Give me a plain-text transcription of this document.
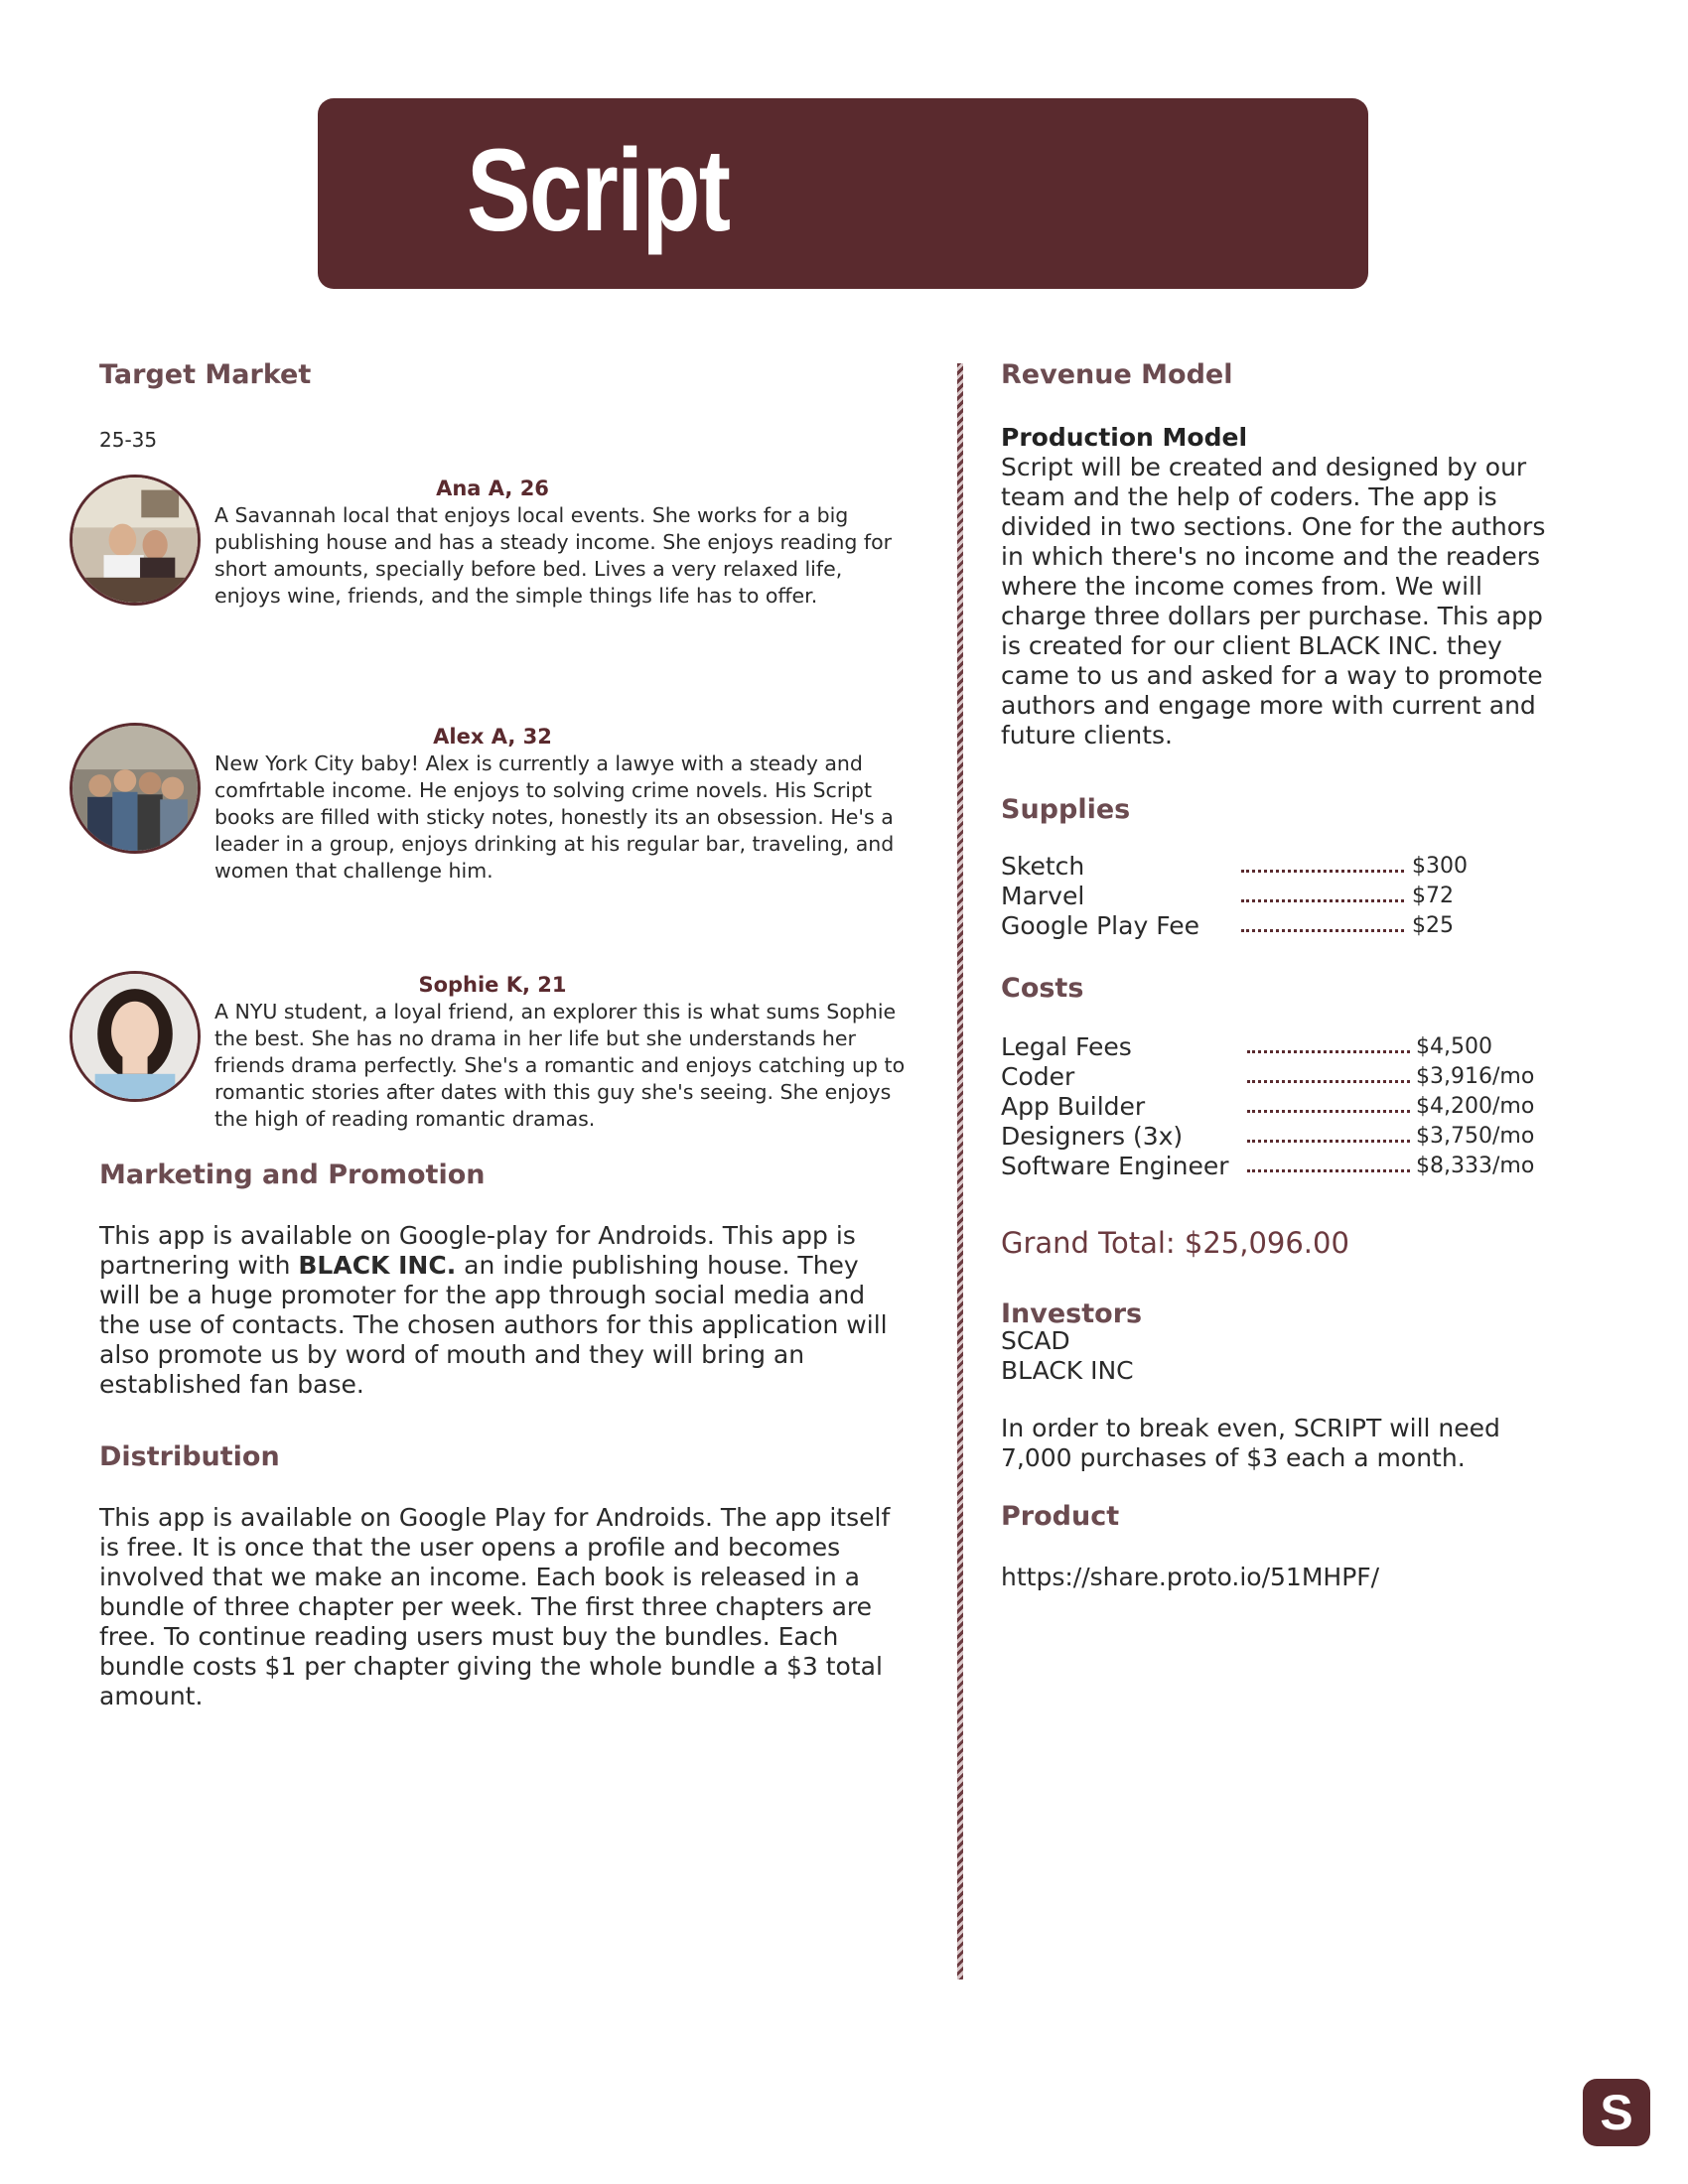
Script
Target Market

25-35

Ana A, 26
A Savannah local that enjoys local events. She works for a big publishing house and has a steady income. She enjoys reading for short amounts, specially before bed. Lives a very relaxed life, enjoys wine, friends, and the simple things life has to offer.
Alex A, 32
New York City baby! Alex is currently a lawye with a steady and comfrtable income. He enjoys to solving crime novels. His Script books are filled with sticky notes, honestly its an obsession. He's a leader in a group, enjoys drinking at his regular bar, traveling, and women that challenge him.
Sophie K, 21
A NYU student, a loyal friend, an explorer this is what sums Sophie the best. She has no drama in her life but she understands her friends drama perfectly. She's a romantic and enjoys catching up to romantic stories after dates with this guy she's seeing. She enjoys the high of reading romantic dramas.
Marketing and Promotion

This app is available on Google-play for Androids. This app is partnering with BLACK INC. an indie publishing house. They will be a huge promoter for the app through social media and the use of contacts. The chosen authors for this application will also promote us by word of mouth and they will bring an established fan base.

Distribution

This app is available on Google Play for Androids. The app itself is free. It is once that the user opens a profile and becomes involved that we make an income. Each book is released in a bundle of three chapter per week. The first three chapters are free. To continue reading users must buy the bundles. Each bundle costs $1 per chapter giving the whole bundle a $3 total amount.

Revenue Model

Production Model

Script will be created and designed by our team and the help of coders. The app is divided in two sections. One for the authors in which there's no income and the readers where the income comes from. We will charge three dollars per purchase. This app is created for our client BLACK INC. they came to us and asked for a way to promote authors and engage more with current and future clients.

Supplies
Sketch	$300
Marvel	$72
Google Play Fee	$25
Costs
Legal Fees	$4,500
Coder	$3,916/mo
App Builder	$4,200/mo
Designers (3x)	$3,750/mo
Software Engineer	$8,333/mo
Grand Total: $25,096.00
Investors

SCAD

BLACK INC

In order to break even, SCRIPT will need 7,000 purchases of $3 each a month.

Product

https://share.proto.io/51MHPF/

S
